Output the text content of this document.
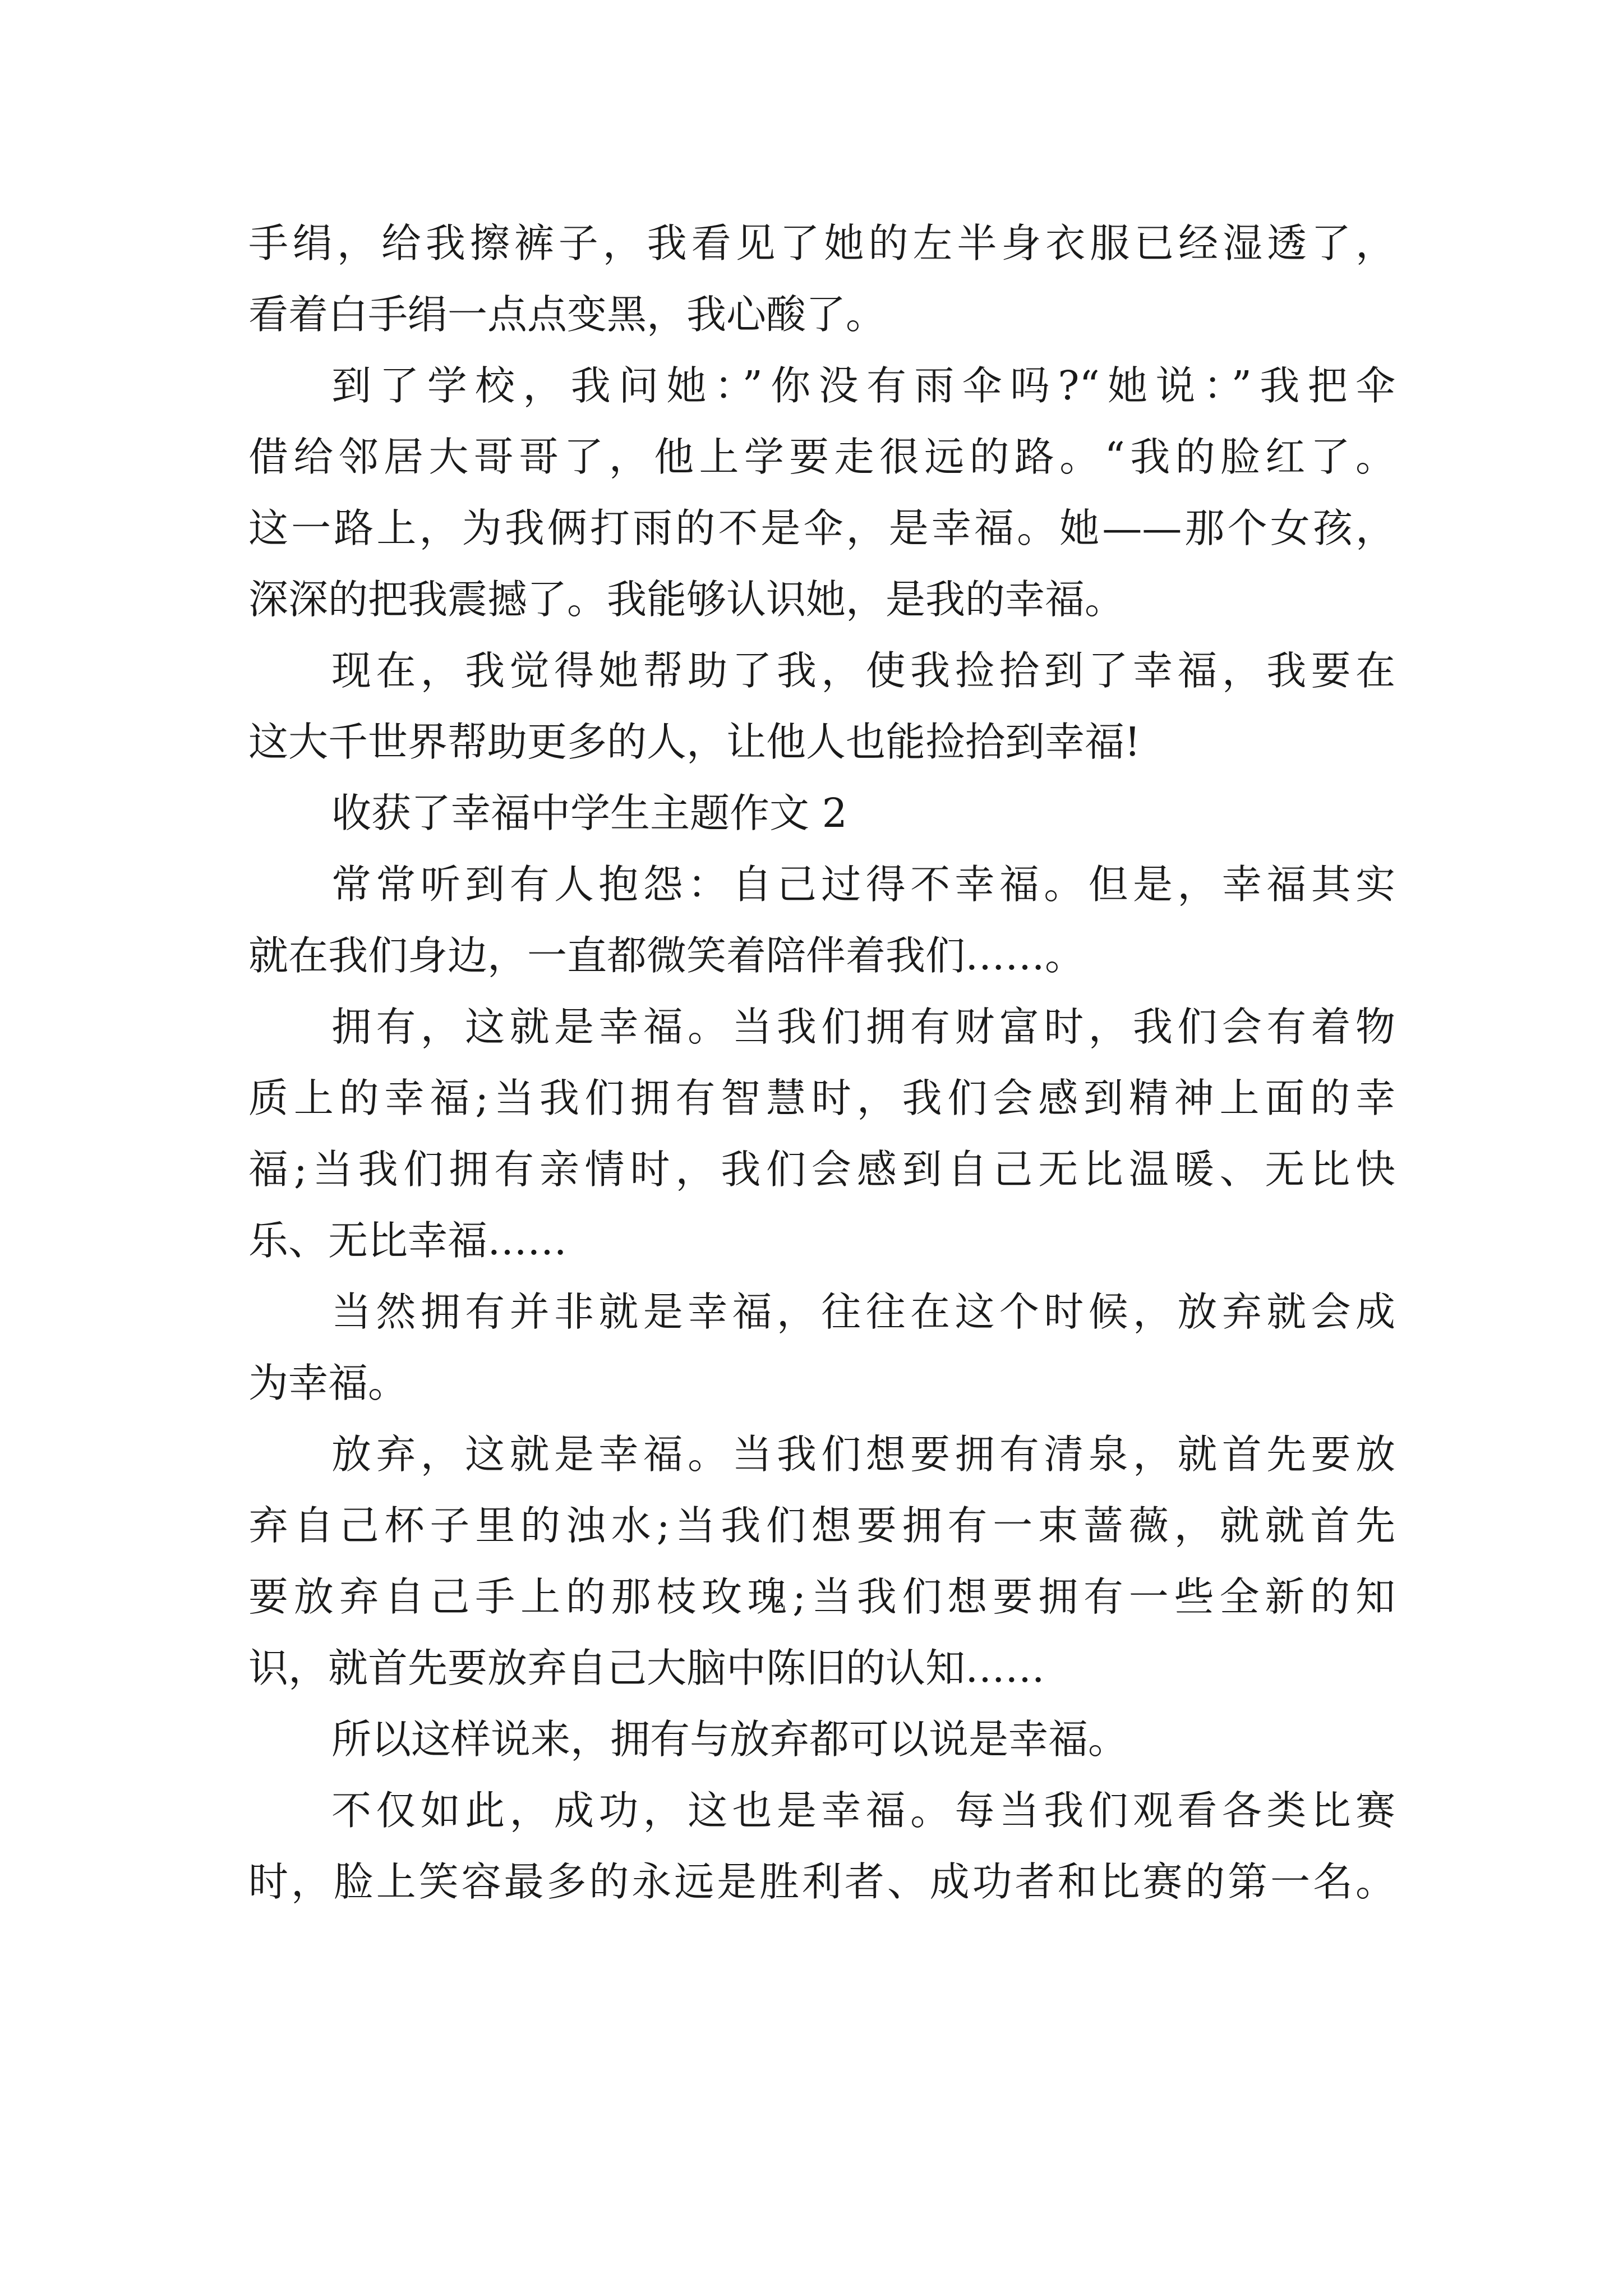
手绢，给我擦裤子，我看见了她的左半身衣服已经湿透了，
看着白手绢一点点变黑，我心酸了。
到了学校，我问她：”你没有雨伞吗?“她说：”我把伞
借给邻居大哥哥了，他上学要走很远的路。“我的脸红了。
这一路上，为我俩打雨的不是伞，是幸福。她——那个女孩，
深深的把我震撼了。我能够认识她，是我的幸福。
现在，我觉得她帮助了我，使我捡拾到了幸福，我要在
这大千世界帮助更多的人，让他人也能捡拾到幸福!
收获了幸福中学生主题作文 2
常常听到有人抱怨：自己过得不幸福。但是，幸福其实
就在我们身边，一直都微笑着陪伴着我们……。
拥有，这就是幸福。当我们拥有财富时，我们会有着物
质上的幸福;当我们拥有智慧时，我们会感到精神上面的幸
福;当我们拥有亲情时，我们会感到自己无比温暖、无比快
乐、无比幸福……
当然拥有并非就是幸福，往往在这个时候，放弃就会成
为幸福。
放弃，这就是幸福。当我们想要拥有清泉，就首先要放
弃自己杯子里的浊水;当我们想要拥有一束蔷薇，就就首先
要放弃自己手上的那枝玫瑰;当我们想要拥有一些全新的知
识，就首先要放弃自己大脑中陈旧的认知……
所以这样说来，拥有与放弃都可以说是幸福。
不仅如此，成功，这也是幸福。每当我们观看各类比赛
时，脸上笑容最多的永远是胜利者、成功者和比赛的第一名。
